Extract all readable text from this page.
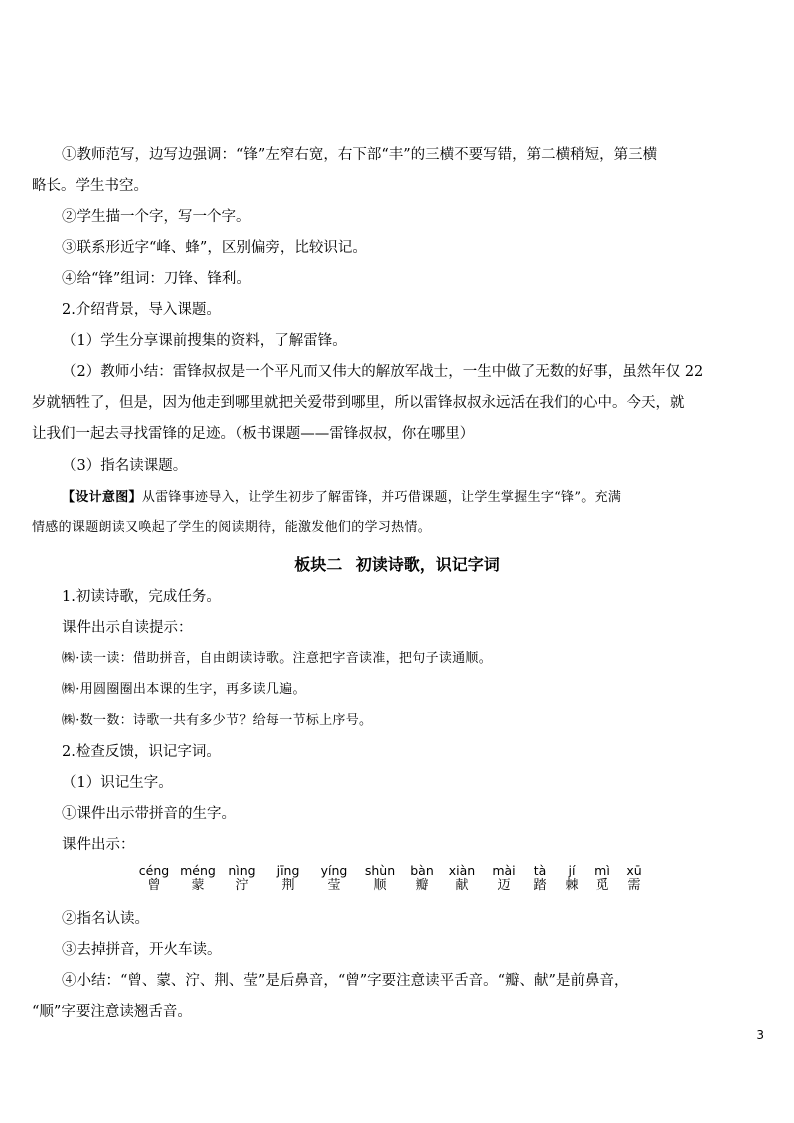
①教师范写，边写边强调：“锋”左窄右宽，右下部“丰”的三横不要写错，第二横稍短，第三横
略长。学生书空。
②学生描一个字，写一个字。
③联系形近字“峰、蜂”，区别偏旁，比较识记。
④给“锋”组词：刀锋、锋利。
2.介绍背景，导入课题。
（1）学生分享课前搜集的资料，了解雷锋。
（2）教师小结：雷锋叔叔是一个平凡而又伟大的解放军战士，一生中做了无数的好事，虽然年仅 22
岁就牺牲了，但是，因为他走到哪里就把关爱带到哪里，所以雷锋叔叔永远活在我们的心中。今天，就
让我们一起去寻找雷锋的足迹。（板书课题——雷锋叔叔，你在哪里）
（3）指名读课题。
【设计意图】从雷锋事迹导入，让学生初步了解雷锋，并巧借课题，让学生掌握生字“锋”。充满
情感的课题朗读又唤起了学生的阅读期待，能激发他们的学习热情。
板块二 初读诗歌，识记字词
1.初读诗歌，完成任务。
课件出示自读提示：
㈱·读一读：借助拼音，自由朗读诗歌。注意把字音读准，把句子读通顺。
㈱·用圆圈圈出本课的生字，再多读几遍。
㈱·数一数：诗歌一共有多少节？给每一节标上序号。
2.检查反馈，识记字词。
（1）识记生字。
①课件出示带拼音的生字。
课件出示：
céng
曾
méng
蒙
nìng
泞
jīng
荆
yíng
莹
shùn
顺
bàn
瓣
xiàn
献
mài
迈
tà
踏
jí
棘
mì
觅
xū
需
②指名认读。
③去掉拼音，开火车读。
④小结：“曾、蒙、泞、荆、莹”是后鼻音，“曾”字要注意读平舌音。“瓣、献”是前鼻音，
“顺”字要注意读翘舌音。
3
